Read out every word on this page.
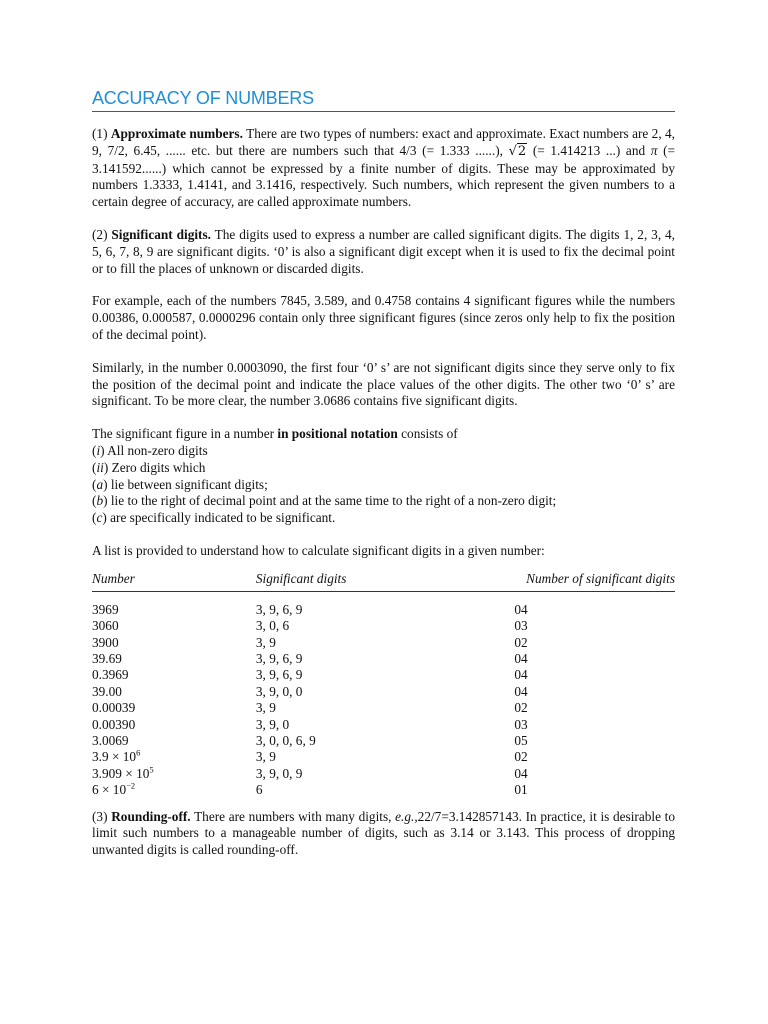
ACCURACY OF NUMBERS

(1) Approximate numbers. There are two types of numbers: exact and approximate. Exact numbers are 2, 4, 9, 7/2, 6.45, ...... etc. but there are numbers such that 4/3 (= 1.333 ......), √2 (= 1.414213 ...) and π (= 3.141592......) which cannot be expressed by a finite number of digits. These may be approximated by numbers 1.3333, 1.4141, and 3.1416, respectively. Such numbers, which represent the given numbers to a certain degree of accuracy, are called approximate numbers.

(2) Significant digits. The digits used to express a number are called significant digits. The digits 1, 2, 3, 4, 5, 6, 7, 8, 9 are significant digits. ‘0’ is also a significant digit except when it is used to fix the decimal point or to fill the places of unknown or discarded digits.

For example, each of the numbers 7845, 3.589, and 0.4758 contains 4 significant figures while the numbers 0.00386, 0.000587, 0.0000296 contain only three significant figures (since zeros only help to fix the position of the decimal point).

Similarly, in the number 0.0003090, the first four ‘0’ s’ are not significant digits since they serve only to fix the position of the decimal point and indicate the place values of the other digits. The other two ‘0’ s’ are significant. To be more clear, the number 3.0686 contains five significant digits.

The significant figure in a number in positional notation consists of
(i) All non-zero digits
(ii) Zero digits which
(a) lie between significant digits;
(b) lie to the right of decimal point and at the same time to the right of a non-zero digit;
(c) are specifically indicated to be significant.

A list is provided to understand how to calculate significant digits in a given number:

Number	Significant digits	Number of significant digits

3969	3, 9, 6, 9	04
3060	3, 0, 6	03
3900	3, 9	02
39.69	3, 9, 6, 9	04
0.3969	3, 9, 6, 9	04
39.00	3, 9, 0, 0	04
0.00039	3, 9	02
0.00390	3, 9, 0	03
3.0069	3, 0, 0, 6, 9	05
$3.9 \times 10^6$	3, 9	02
$3.909 \times 10^5$	3, 9, 0, 9	04
$6 \times 10^{-2}$	6	01

(3) Rounding-off. There are numbers with many digits, e.g.,22/7=3.142857143. In practice, it is desirable to limit such numbers to a manageable number of digits, such as 3.14 or 3.143. This process of dropping unwanted digits is called rounding-off.
